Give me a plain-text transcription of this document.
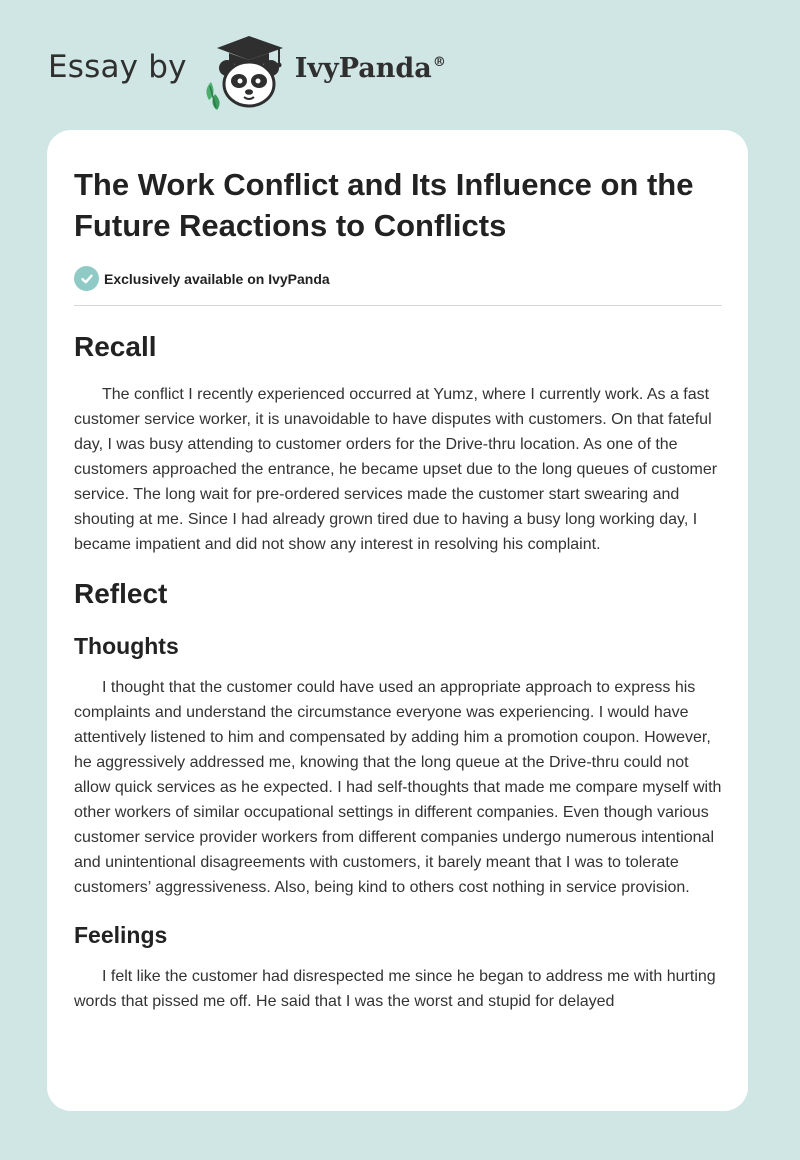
Essay by	IvyPanda®
The Work Conflict and Its Influence on the Future Reactions to Conflicts
Exclusively available on IvyPanda
Recall

The conflict I recently experienced occurred at Yumz, where I currently work. As a fast customer service worker, it is unavoidable to have disputes with customers. On that fateful day, I was busy attending to customer orders for the Drive-thru location. As one of the customers approached the entrance, he became upset due to the long queues of customer service. The long wait for pre-ordered services made the customer start swearing and shouting at me. Since I had already grown tired due to having a busy long working day, I became impatient and did not show any interest in resolving his complaint.

Reflect
Thoughts

I thought that the customer could have used an appropriate approach to express his complaints and understand the circumstance everyone was experiencing. I would have attentively listened to him and compensated by adding him a promotion coupon. However, he aggressively addressed me, knowing that the long queue at the Drive-thru could not allow quick services as he expected. I had self-thoughts that made me compare myself with other workers of similar occupational settings in different companies. Even though various customer service provider workers from different companies undergo numerous intentional and unintentional disagreements with customers, it barely meant that I was to tolerate customers’ aggressiveness. Also, being kind to others cost nothing in service provision.

Feelings

I felt like the customer had disrespected me since he began to address me with hurting words that pissed me off. He said that I was the worst and stupid for delayed
